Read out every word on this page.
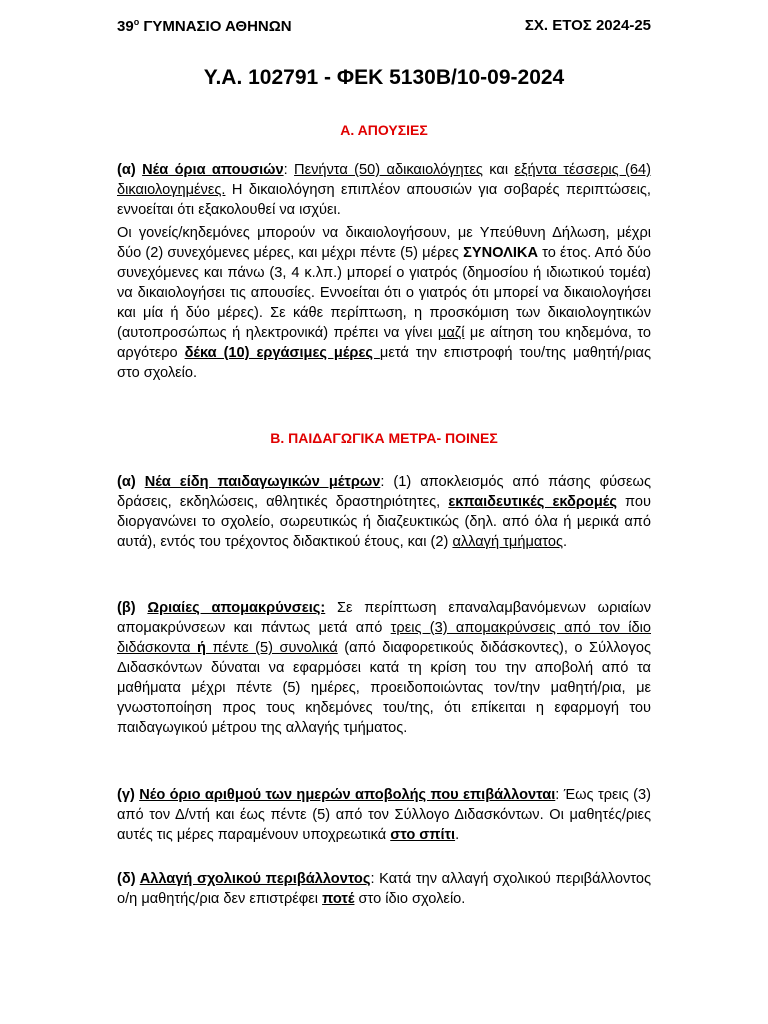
$39^o$ ΓΥΜΝΑΣΙΟ ΑΘΗΝΩΝ	ΣΧ. ΕΤΟΣ 2024-25
Υ.Α. 102791 - ΦΕΚ 5130Β/10-09-2024
Α. ΑΠΟΥΣΙΕΣ

(α) Νέα όρια απουσιών: Πενήντα (50) αδικαιολόγητες και εξήντα τέσσερις (64) δικαιολογημένες. Η δικαιολόγηση επιπλέον απουσιών για σοβαρές περιπτώσεις, εννοείται ότι εξακολουθεί να ισχύει.

Οι γονείς/κηδεμόνες μπορούν να δικαιολογήσουν, με Υπεύθυνη Δήλωση, μέχρι δύο (2) συνεχόμενες μέρες, και μέχρι πέντε (5) μέρες ΣΥΝΟΛΙΚΑ το έτος. Από δύο συνεχόμενες και πάνω (3, 4 κ.λπ.) μπορεί ο γιατρός (δημοσίου ή ιδιωτικού τομέα) να δικαιολογήσει τις απουσίες. Εννοείται ότι ο γιατρός ότι μπορεί να δικαιολογήσει και μία ή δύο μέρες). Σε κάθε περίπτωση, η προσκόμιση των δικαιολογητικών (αυτοπροσώπως ή ηλεκτρονικά) πρέπει να γίνει μαζί με αίτηση του κηδεμόνα, το αργότερο δέκα (10) εργάσιμες μέρες μετά την επιστροφή του/της μαθητή/ριας στο σχολείο.

Β. ΠΑΙΔΑΓΩΓΙΚΑ ΜΕΤΡΑ- ΠΟΙΝΕΣ

(α) Νέα είδη παιδαγωγικών μέτρων: (1) αποκλεισμός από πάσης φύσεως δράσεις, εκδηλώσεις, αθλητικές δραστηριότητες, εκπαιδευτικές εκδρομές που διοργανώνει το σχολείο, σωρευτικώς ή διαζευκτικώς (δηλ. από όλα ή μερικά από αυτά), εντός του τρέχοντος διδακτικού έτους, και (2) αλλαγή τμήματος.

(β) Ωριαίες απομακρύνσεις: Σε περίπτωση επαναλαμβανόμενων ωριαίων απομακρύνσεων και πάντως μετά από τρεις (3) απομακρύνσεις από τον ίδιο διδάσκοντα ή πέντε (5) συνολικά (από διαφορετικούς διδάσκοντες), ο Σύλλογος Διδασκόντων δύναται να εφαρμόσει κατά τη κρίση του την αποβολή από τα μαθήματα μέχρι πέντε (5) ημέρες, προειδοποιώντας τον/την μαθητή/ρια, με γνωστοποίηση προς τους κηδεμόνες του/της, ότι επίκειται η εφαρμογή του παιδαγωγικού μέτρου της αλλαγής τμήματος.

(γ) Νέο όριο αριθμού των ημερών αποβολής που επιβάλλονται: Έως τρεις (3) από τον Δ/ντή και έως πέντε (5) από τον Σύλλογο Διδασκόντων. Οι μαθητές/ριες αυτές τις μέρες παραμένουν υποχρεωτικά στο σπίτι.

(δ) Αλλαγή σχολικού περιβάλλοντος: Κατά την αλλαγή σχολικού περιβάλλοντος ο/η μαθητής/ρια δεν επιστρέφει ποτέ στο ίδιο σχολείο.
